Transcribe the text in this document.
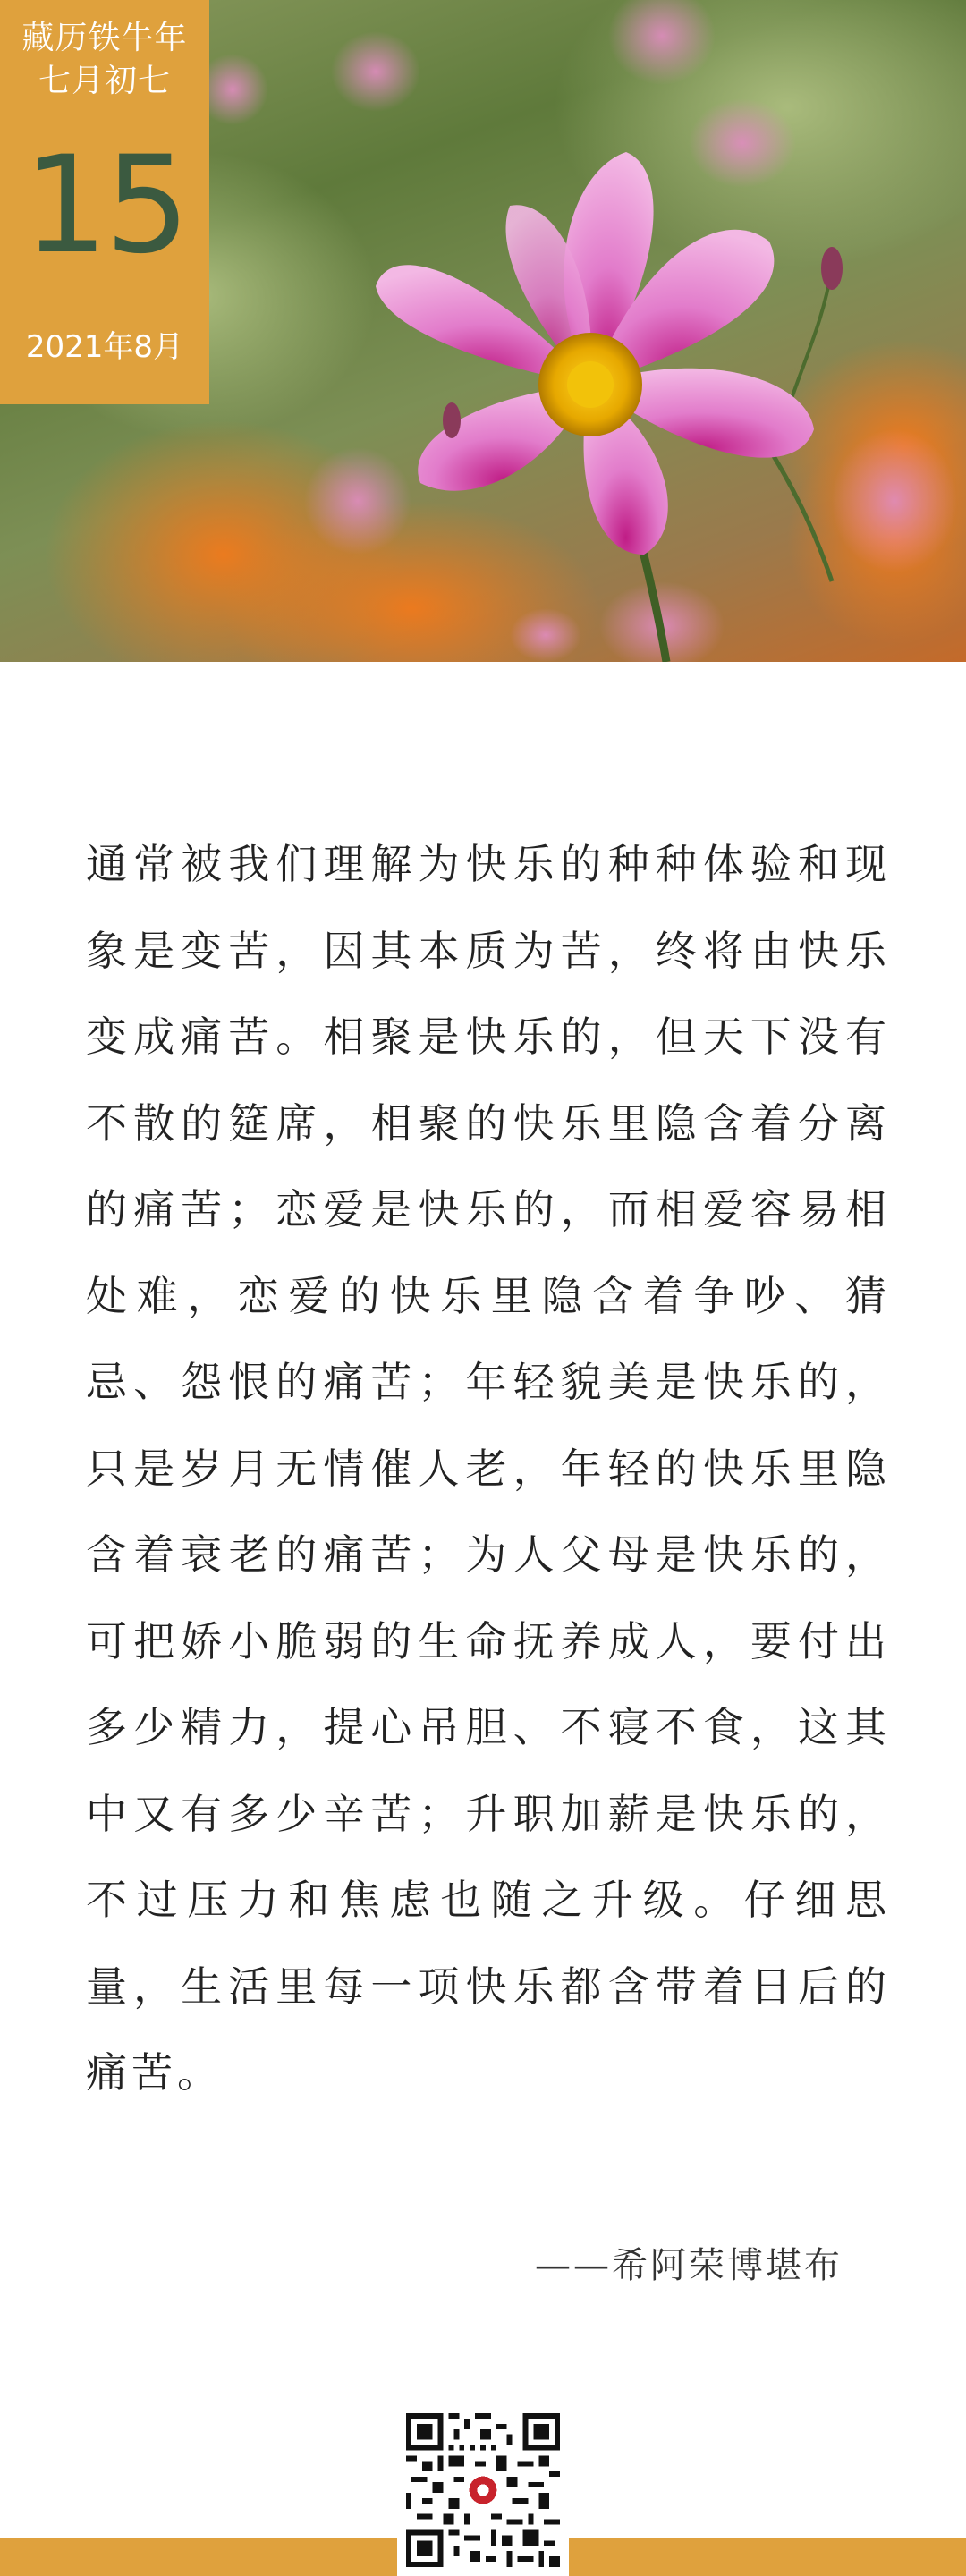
藏历铁牛年
七月初七
15
2021年8月

通常被我们理解为快乐的种种体验和现象是变苦，因其本质为苦，终将由快乐变成痛苦。相聚是快乐的，但天下没有不散的筵席，相聚的快乐里隐含着分离的痛苦；恋爱是快乐的，而相爱容易相处难，恋爱的快乐里隐含着争吵、猜忌、怨恨的痛苦；年轻貌美是快乐的，只是岁月无情催人老，年轻的快乐里隐含着衰老的痛苦；为人父母是快乐的，可把娇小脆弱的生命抚养成人，要付出多少精力，提心吊胆、不寝不食，这其中又有多少辛苦；升职加薪是快乐的，不过压力和焦虑也随之升级。仔细思量，生活里每一项快乐都含带着日后的痛苦。

——希阿荣博堪布
